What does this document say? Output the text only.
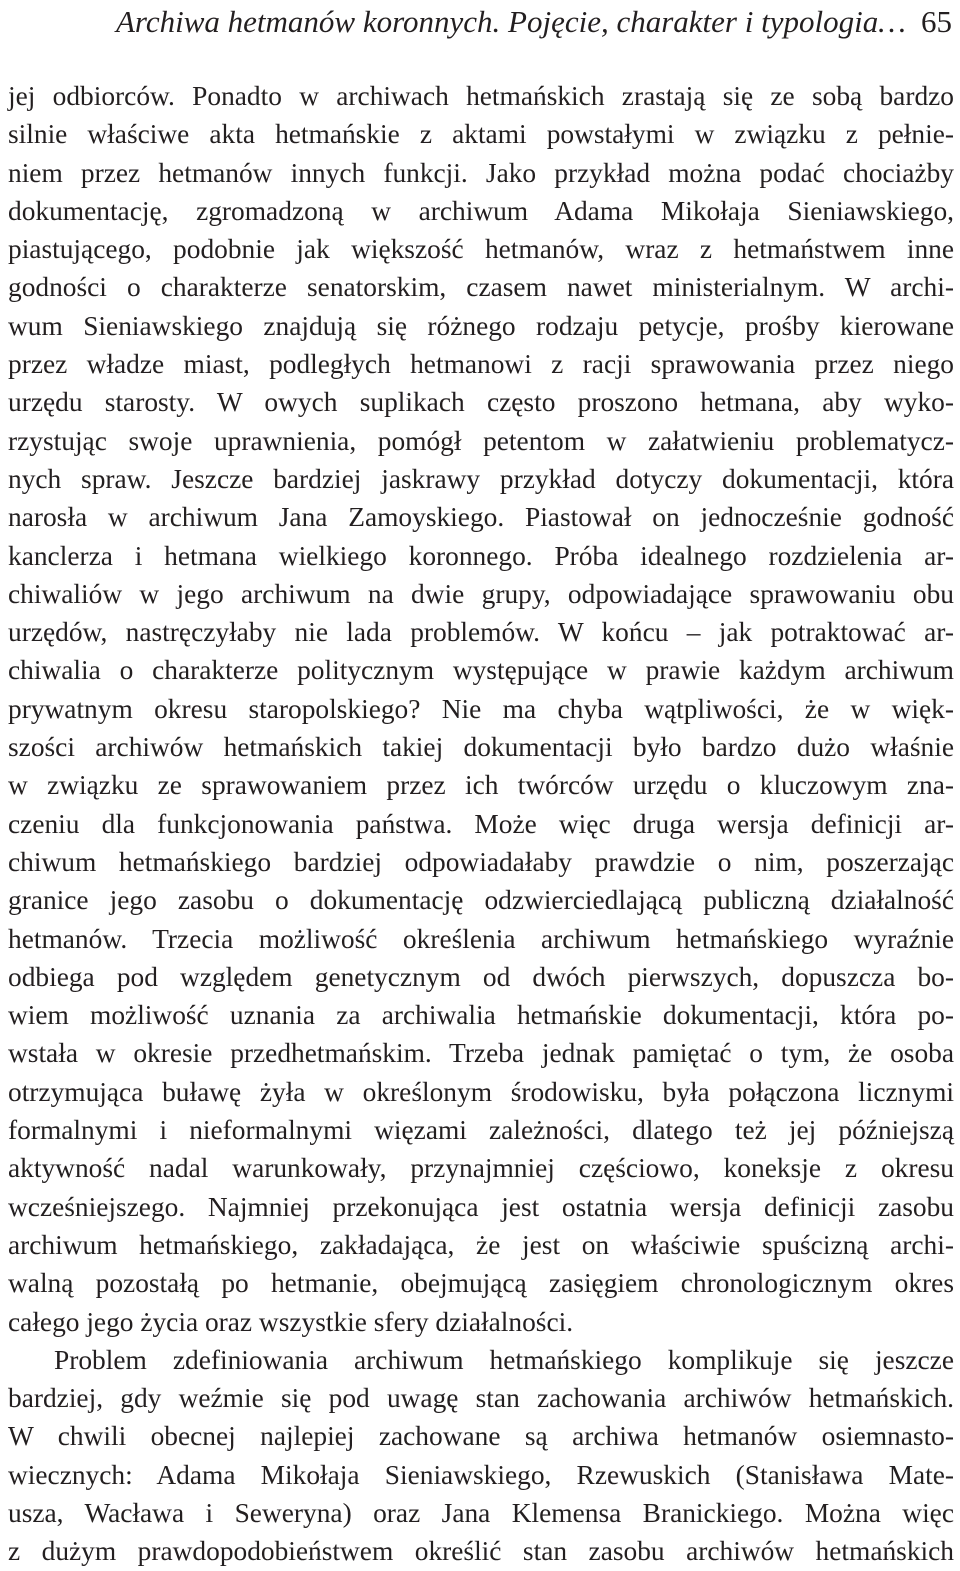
Archiwa hetmanów koronnych. Pojęcie, charakter i typologia… 65

jej odbiorców. Ponadto w archiwach hetmańskich zrastają się ze sobą bardzo
silnie właściwe akta hetmańskie z aktami powstałymi w związku z pełnie-
niem przez hetmanów innych funkcji. Jako przykład można podać chociażby
dokumentację, zgromadzoną w archiwum Adama Mikołaja Sieniawskiego,
piastującego, podobnie jak większość hetmanów, wraz z hetmaństwem inne
godności o charakterze senatorskim, czasem nawet ministerialnym. W archi-
wum Sieniawskiego znajdują się różnego rodzaju petycje, prośby kierowane
przez władze miast, podległych hetmanowi z racji sprawowania przez niego
urzędu starosty. W owych suplikach często proszono hetmana, aby wyko-
rzystując swoje uprawnienia, pomógł petentom w załatwieniu problematycz-
nych spraw. Jeszcze bardziej jaskrawy przykład dotyczy dokumentacji, która
narosła w archiwum Jana Zamoyskiego. Piastował on jednocześnie godność
kanclerza i hetmana wielkiego koronnego. Próba idealnego rozdzielenia ar-
chiwaliów w jego archiwum na dwie grupy, odpowiadające sprawowaniu obu
urzędów, nastręczyłaby nie lada problemów. W końcu – jak potraktować ar-
chiwalia o charakterze politycznym występujące w prawie każdym archiwum
prywatnym okresu staropolskiego? Nie ma chyba wątpliwości, że w więk-
szości archiwów hetmańskich takiej dokumentacji było bardzo dużo właśnie
w związku ze sprawowaniem przez ich twórców urzędu o kluczowym zna-
czeniu dla funkcjonowania państwa. Może więc druga wersja definicji ar-
chiwum hetmańskiego bardziej odpowiadałaby prawdzie o nim, poszerzając
granice jego zasobu o dokumentację odzwierciedlającą publiczną działalność
hetmanów. Trzecia możliwość określenia archiwum hetmańskiego wyraźnie
odbiega pod względem genetycznym od dwóch pierwszych, dopuszcza bo-
wiem możliwość uznania za archiwalia hetmańskie dokumentacji, która po-
wstała w okresie przedhetmańskim. Trzeba jednak pamiętać o tym, że osoba
otrzymująca buławę żyła w określonym środowisku, była połączona licznymi
formalnymi i nieformalnymi więzami zależności, dlatego też jej późniejszą
aktywność nadal warunkowały, przynajmniej częściowo, koneksje z okresu
wcześniejszego. Najmniej przekonująca jest ostatnia wersja definicji zasobu
archiwum hetmańskiego, zakładająca, że jest on właściwie spuścizną archi-
walną pozostałą po hetmanie, obejmującą zasięgiem chronologicznym okres
całego jego życia oraz wszystkie sfery działalności.

Problem zdefiniowania archiwum hetmańskiego komplikuje się jeszcze
bardziej, gdy weźmie się pod uwagę stan zachowania archiwów hetmańskich.
W chwili obecnej najlepiej zachowane są archiwa hetmanów osiemnasto-
wiecznych: Adama Mikołaja Sieniawskiego, Rzewuskich (Stanisława Mate-
usza, Wacława i Seweryna) oraz Jana Klemensa Branickiego. Można więc
z dużym prawdopodobieństwem określić stan zasobu archiwów hetmańskich
